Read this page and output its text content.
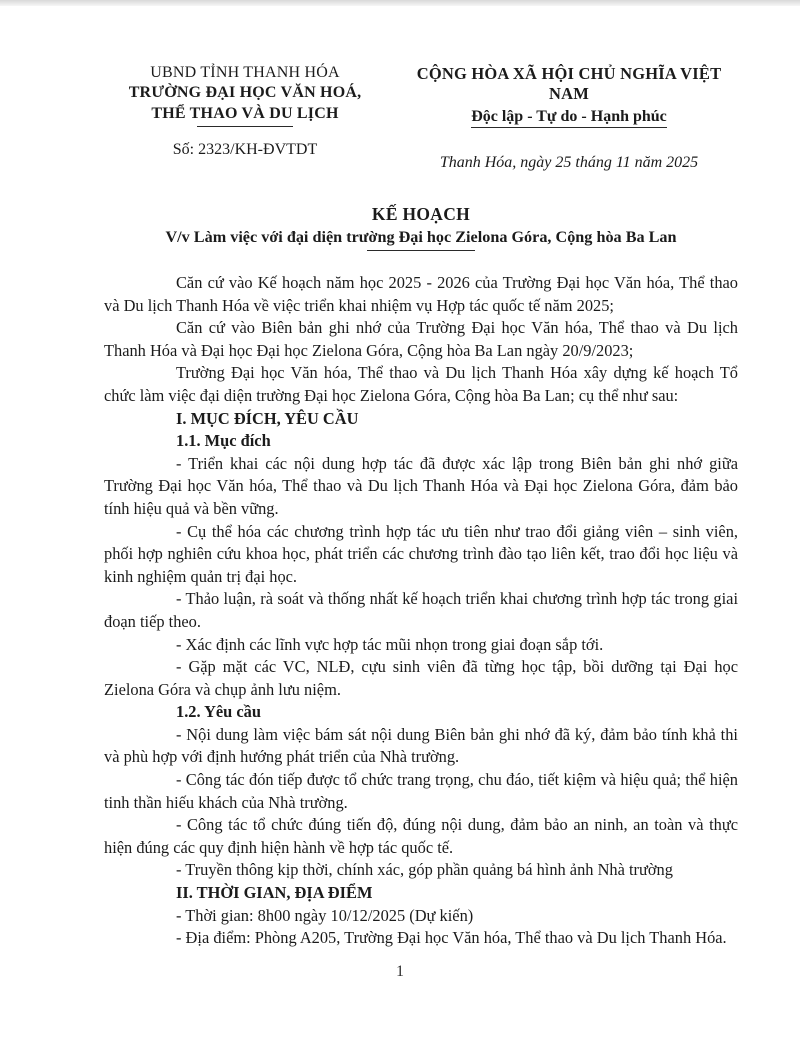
UBND TỈNH THANH HÓA
TRƯỜNG ĐẠI HỌC VĂN HOÁ,
THỂ THAO VÀ DU LỊCH
Số: 2323/KH-ĐVTDT
CỘNG HÒA XÃ HỘI CHỦ NGHĨA VIỆT NAM
Độc lập - Tự do - Hạnh phúc
Thanh Hóa, ngày 25 tháng 11 năm 2025
KẾ HOẠCH
V/v Làm việc với đại diện trường Đại học Zielona Góra, Cộng hòa Ba Lan

Căn cứ vào Kế hoạch năm học 2025 - 2026 của Trường Đại học Văn hóa, Thể thao và Du lịch Thanh Hóa về việc triển khai nhiệm vụ Hợp tác quốc tế năm 2025;

Căn cứ vào Biên bản ghi nhớ của Trường Đại học Văn hóa, Thể thao và Du lịch Thanh Hóa và Đại học Đại học Zielona Góra, Cộng hòa Ba Lan ngày 20/9/2023;

Trường Đại học Văn hóa, Thể thao và Du lịch Thanh Hóa xây dựng kế hoạch Tổ chức làm việc đại diện trường Đại học Zielona Góra, Cộng hòa Ba Lan; cụ thể như sau:

I. MỤC ĐÍCH, YÊU CẦU

1.1. Mục đích

- Triển khai các nội dung hợp tác đã được xác lập trong Biên bản ghi nhớ giữa Trường Đại học Văn hóa, Thể thao và Du lịch Thanh Hóa và Đại học Zielona Góra, đảm bảo tính hiệu quả và bền vững.

- Cụ thể hóa các chương trình hợp tác ưu tiên như trao đổi giảng viên – sinh viên, phối hợp nghiên cứu khoa học, phát triển các chương trình đào tạo liên kết, trao đổi học liệu và kinh nghiệm quản trị đại học.

- Thảo luận, rà soát và thống nhất kế hoạch triển khai chương trình hợp tác trong giai đoạn tiếp theo.

- Xác định các lĩnh vực hợp tác mũi nhọn trong giai đoạn sắp tới.

- Gặp mặt các VC, NLĐ, cựu sinh viên đã từng học tập, bồi dưỡng tại Đại học Zielona Góra và chụp ảnh lưu niệm.

1.2. Yêu cầu

- Nội dung làm việc bám sát nội dung Biên bản ghi nhớ đã ký, đảm bảo tính khả thi và phù hợp với định hướng phát triển của Nhà trường.

- Công tác đón tiếp được tổ chức trang trọng, chu đáo, tiết kiệm và hiệu quả; thể hiện tinh thần hiếu khách của Nhà trường.

- Công tác tổ chức đúng tiến độ, đúng nội dung, đảm bảo an ninh, an toàn và thực hiện đúng các quy định hiện hành về hợp tác quốc tế.

- Truyền thông kịp thời, chính xác, góp phần quảng bá hình ảnh Nhà trường

II. THỜI GIAN, ĐỊA ĐIỂM

- Thời gian: 8h00 ngày 10/12/2025 (Dự kiến)

- Địa điểm: Phòng A205, Trường Đại học Văn hóa, Thể thao và Du lịch Thanh Hóa.

1
